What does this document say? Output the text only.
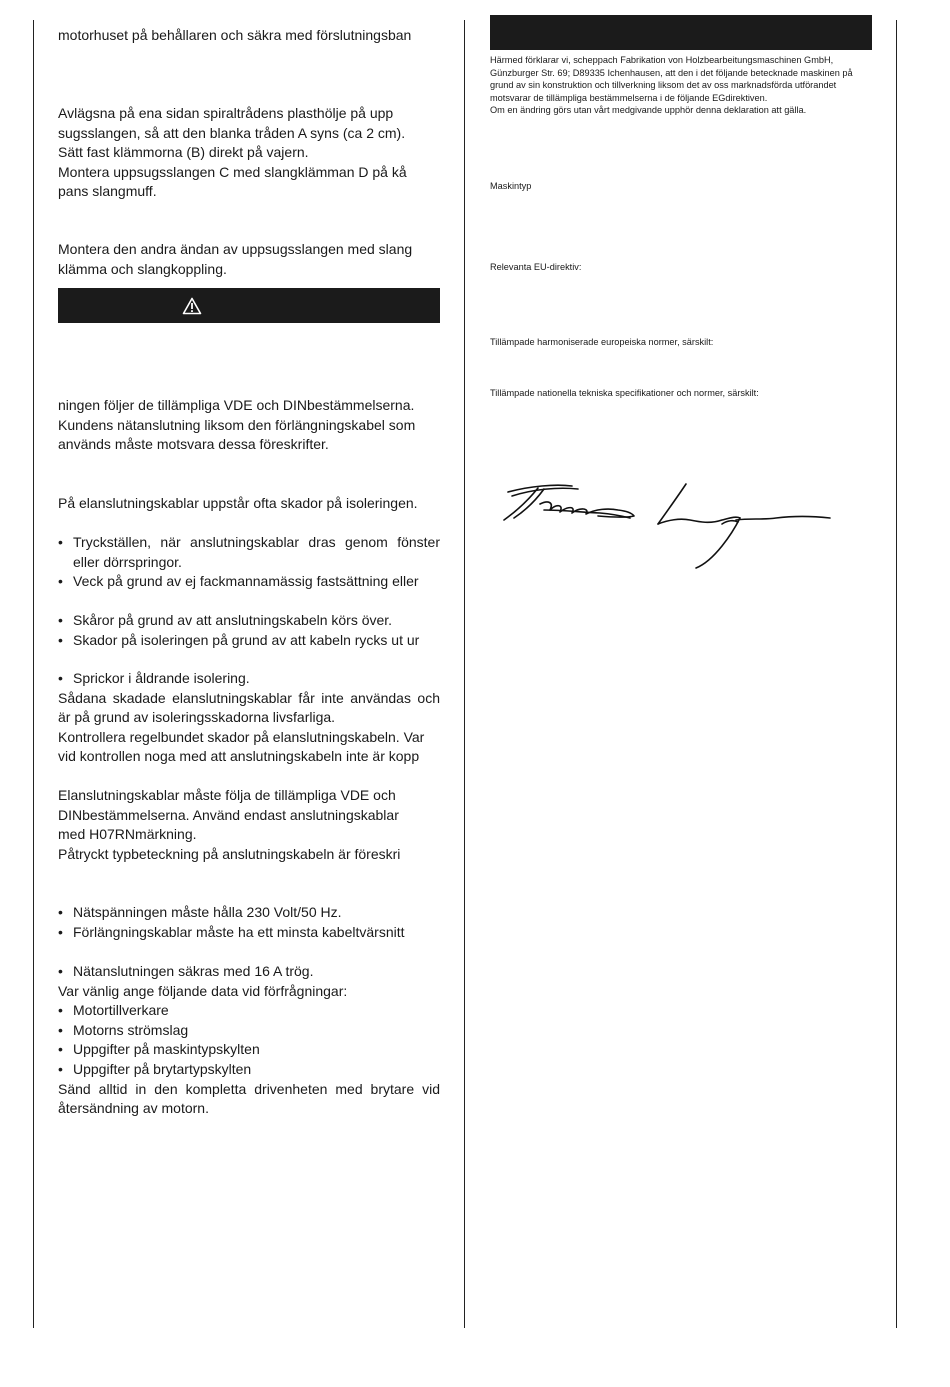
motorhuset på behållaren och säkra med förslutningsban

Avlägsna på ena sidan spiraltrådens plasthölje på upp

sugsslangen, så att den blanka tråden A syns (ca 2 cm).

Sätt fast klämmorna (B) direkt på vajern.

Montera uppsugsslangen C med slangklämman D på kå

pans slangmuff.

Montera den andra ändan av uppsugsslangen med slang

klämma och slangkoppling.

ningen följer de tillämpliga VDE och DINbestämmelserna.

Kundens nätanslutning liksom den förlängningskabel som

används måste motsvara dessa föreskrifter.

På elanslutningskablar uppstår ofta skador på isoleringen.

• Tryckställen, när anslutningskablar dras genom fönster eller dörrspringor.

• Veck på grund av ej fackmannamässig fastsättning eller

• Skåror på grund av att anslutningskabeln körs över.

• Skador på isoleringen på grund av att kabeln rycks ut ur

• Sprickor i åldrande isolering.

Sådana skadade elanslutningskablar får inte användas och är på grund av isoleringsskadorna livsfarliga.

Kontrollera regelbundet skador på elanslutningskabeln. Var

vid kontrollen noga med att anslutningskabeln inte är kopp

Elanslutningskablar måste följa de tillämpliga VDE och

DINbestämmelserna. Använd endast anslutningskablar

med H07RNmärkning.

Påtryckt typbeteckning på anslutningskabeln är föreskri

• Nätspänningen måste hålla 230 Volt/50 Hz.

• Förlängningskablar måste ha ett minsta kabeltvärsnitt

• Nätanslutningen säkras med 16 A trög.

Var vänlig ange följande data vid förfrågningar:

• Motortillverkare

• Motorns strömslag

• Uppgifter på maskintypskylten

• Uppgifter på brytartypskylten

Sänd alltid in den kompletta drivenheten med brytare vid återsändning av motorn.

Härmed förklarar vi, scheppach Fabrikation von Holzbearbeitungsmaschinen GmbH, Günzburger Str. 69; D89335 Ichenhausen, att den i det följande betecknade maskinen på grund av sin konstruktion och tillverkning liksom det av oss marknadsförda utförandet motsvarar de tillämpliga bestämmelserna i de följande EGdirektiven.

Om en ändring görs utan vårt medgivande upphör denna deklaration att gälla.

Maskintyp
Relevanta EU-direktiv:
Tillämpade harmoniserade europeiska normer, särskilt:
Tillämpade nationella tekniska specifikationer och normer, särskilt:
